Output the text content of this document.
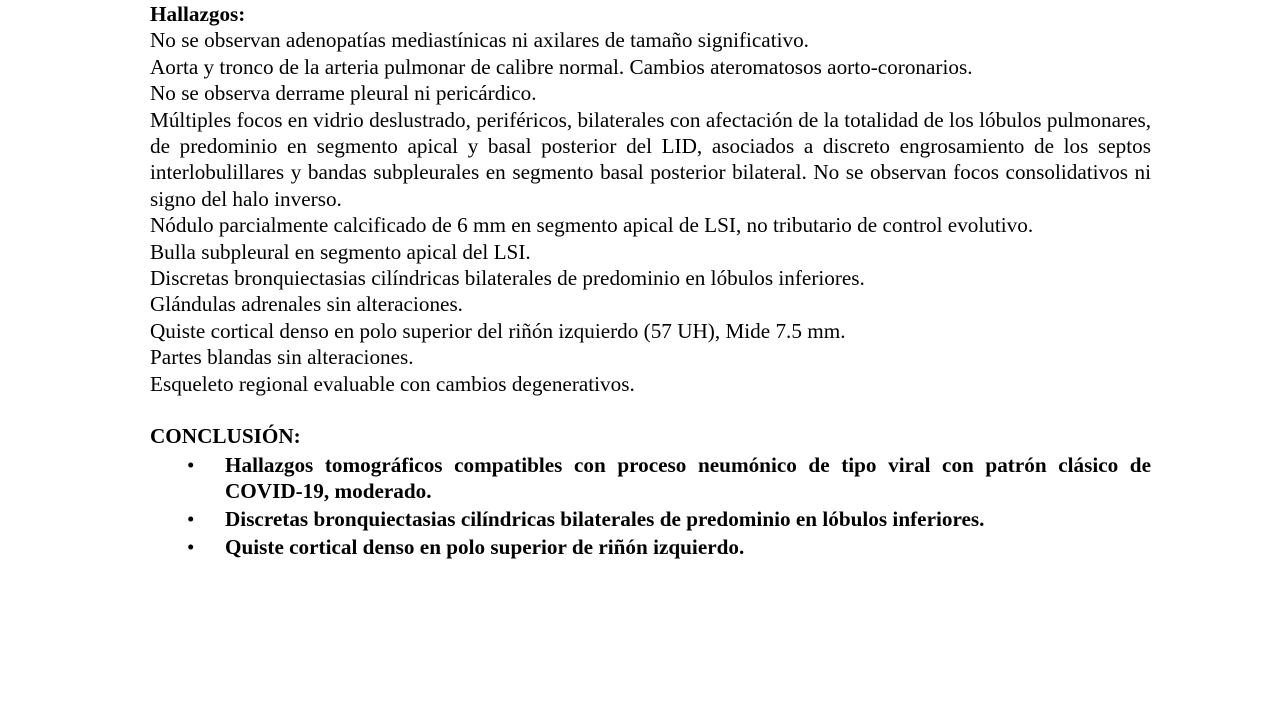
Hallazgos:

No se observan adenopatías mediastínicas ni axilares de tamaño significativo.

Aorta y tronco de la arteria pulmonar de calibre normal. Cambios ateromatosos aorto-coronarios.

No se observa derrame pleural ni pericárdico.

Múltiples focos en vidrio deslustrado, periféricos, bilaterales con afectación de la totalidad de los lóbulos pulmonares, de predominio en segmento apical y basal posterior del LID, asociados a discreto engrosamiento de los septos interlobulillares y bandas subpleurales en segmento basal posterior bilateral. No se observan focos consolidativos ni signo del halo inverso.

Nódulo parcialmente calcificado de 6 mm en segmento apical de LSI, no tributario de control evolutivo.

Bulla subpleural en segmento apical del LSI.

Discretas bronquiectasias cilíndricas bilaterales de predominio en lóbulos inferiores.

Glándulas adrenales sin alteraciones.

Quiste cortical denso en polo superior del riñón izquierdo (57 UH), Mide 7.5 mm.

Partes blandas sin alteraciones.

Esqueleto regional evaluable con cambios degenerativos.

CONCLUSIÓN:

• Hallazgos tomográficos compatibles con proceso neumónico de tipo viral con patrón clásico de COVID-19, moderado.
• Discretas bronquiectasias cilíndricas bilaterales de predominio en lóbulos inferiores.
• Quiste cortical denso en polo superior de riñón izquierdo.
